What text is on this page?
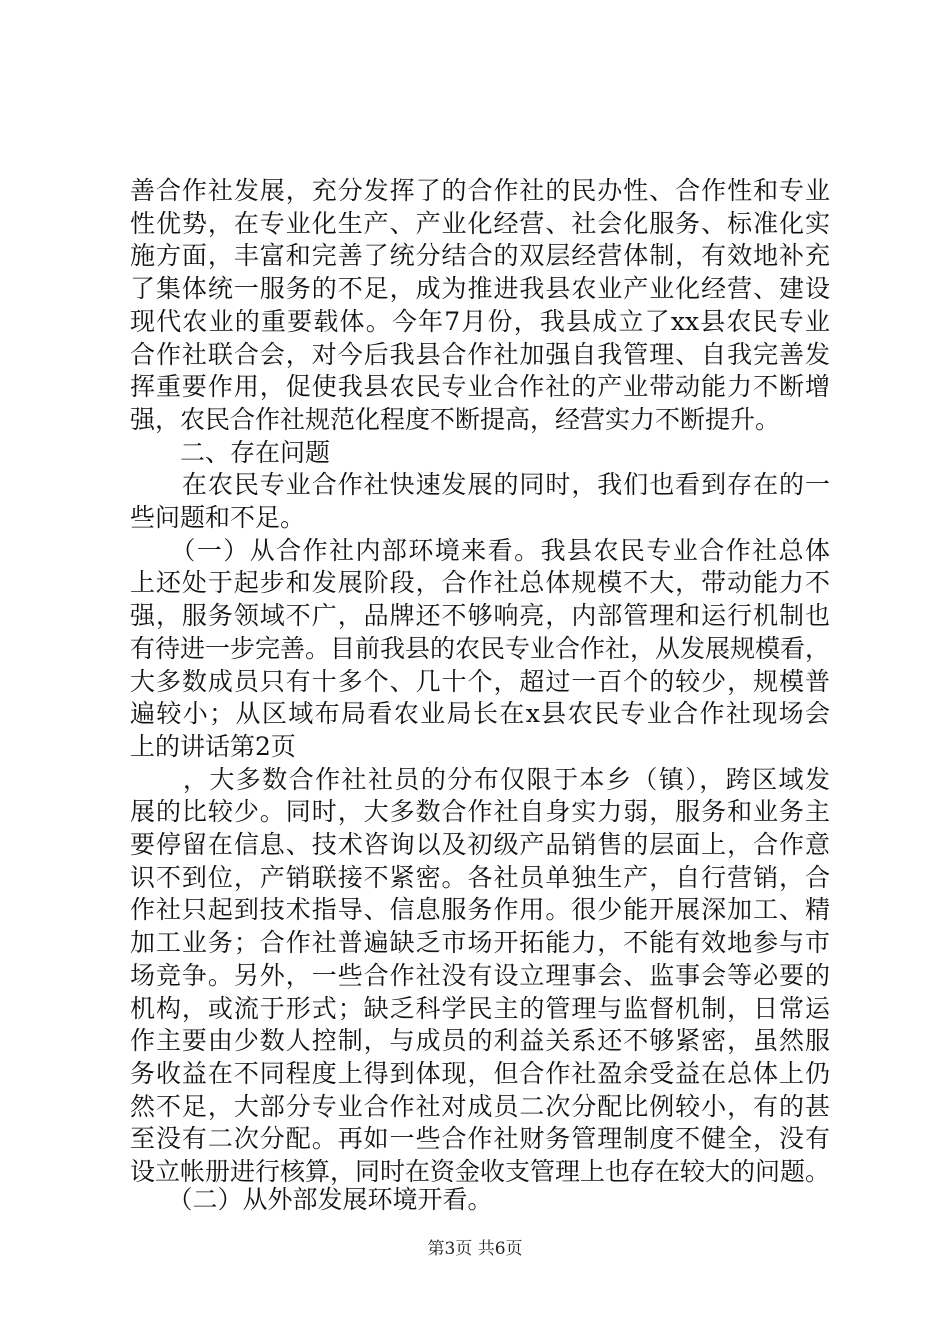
善合作社发展，充分发挥了的合作社的民办性、合作性和专业
性优势，在专业化生产、产业化经营、社会化服务、标准化实
施方面，丰富和完善了统分结合的双层经营体制，有效地补充
了集体统一服务的不足，成为推进我县农业产业化经营、建设
现代农业的重要载体。今年7月份，我县成立了xx县农民专业
合作社联合会，对今后我县合作社加强自我管理、自我完善发
挥重要作用，促使我县农民专业合作社的产业带动能力不断增
强，农民合作社规范化程度不断提高，经营实力不断提升。
　　二、存在问题
　　在农民专业合作社快速发展的同时，我们也看到存在的一
些问题和不足。
　　（一）从合作社内部环境来看。我县农民专业合作社总体
上还处于起步和发展阶段，合作社总体规模不大，带动能力不
强，服务领域不广，品牌还不够响亮，内部管理和运行机制也
有待进一步完善。目前我县的农民专业合作社，从发展规模看，
大多数成员只有十多个、几十个，超过一百个的较少，规模普
遍较小；从区域布局看农业局长在x县农民专业合作社现场会
上的讲话第2页
　　，大多数合作社社员的分布仅限于本乡（镇），跨区域发
展的比较少。同时，大多数合作社自身实力弱，服务和业务主
要停留在信息、技术咨询以及初级产品销售的层面上，合作意
识不到位，产销联接不紧密。各社员单独生产，自行营销，合
作社只起到技术指导、信息服务作用。很少能开展深加工、精
加工业务；合作社普遍缺乏市场开拓能力，不能有效地参与市
场竞争。另外，一些合作社没有设立理事会、监事会等必要的
机构，或流于形式；缺乏科学民主的管理与监督机制，日常运
作主要由少数人控制，与成员的利益关系还不够紧密，虽然服
务收益在不同程度上得到体现，但合作社盈余受益在总体上仍
然不足，大部分专业合作社对成员二次分配比例较小，有的甚
至没有二次分配。再如一些合作社财务管理制度不健全，没有
设立帐册进行核算，同时在资金收支管理上也存在较大的问题。
　　（二）从外部发展环境开看。
第3页 共6页
